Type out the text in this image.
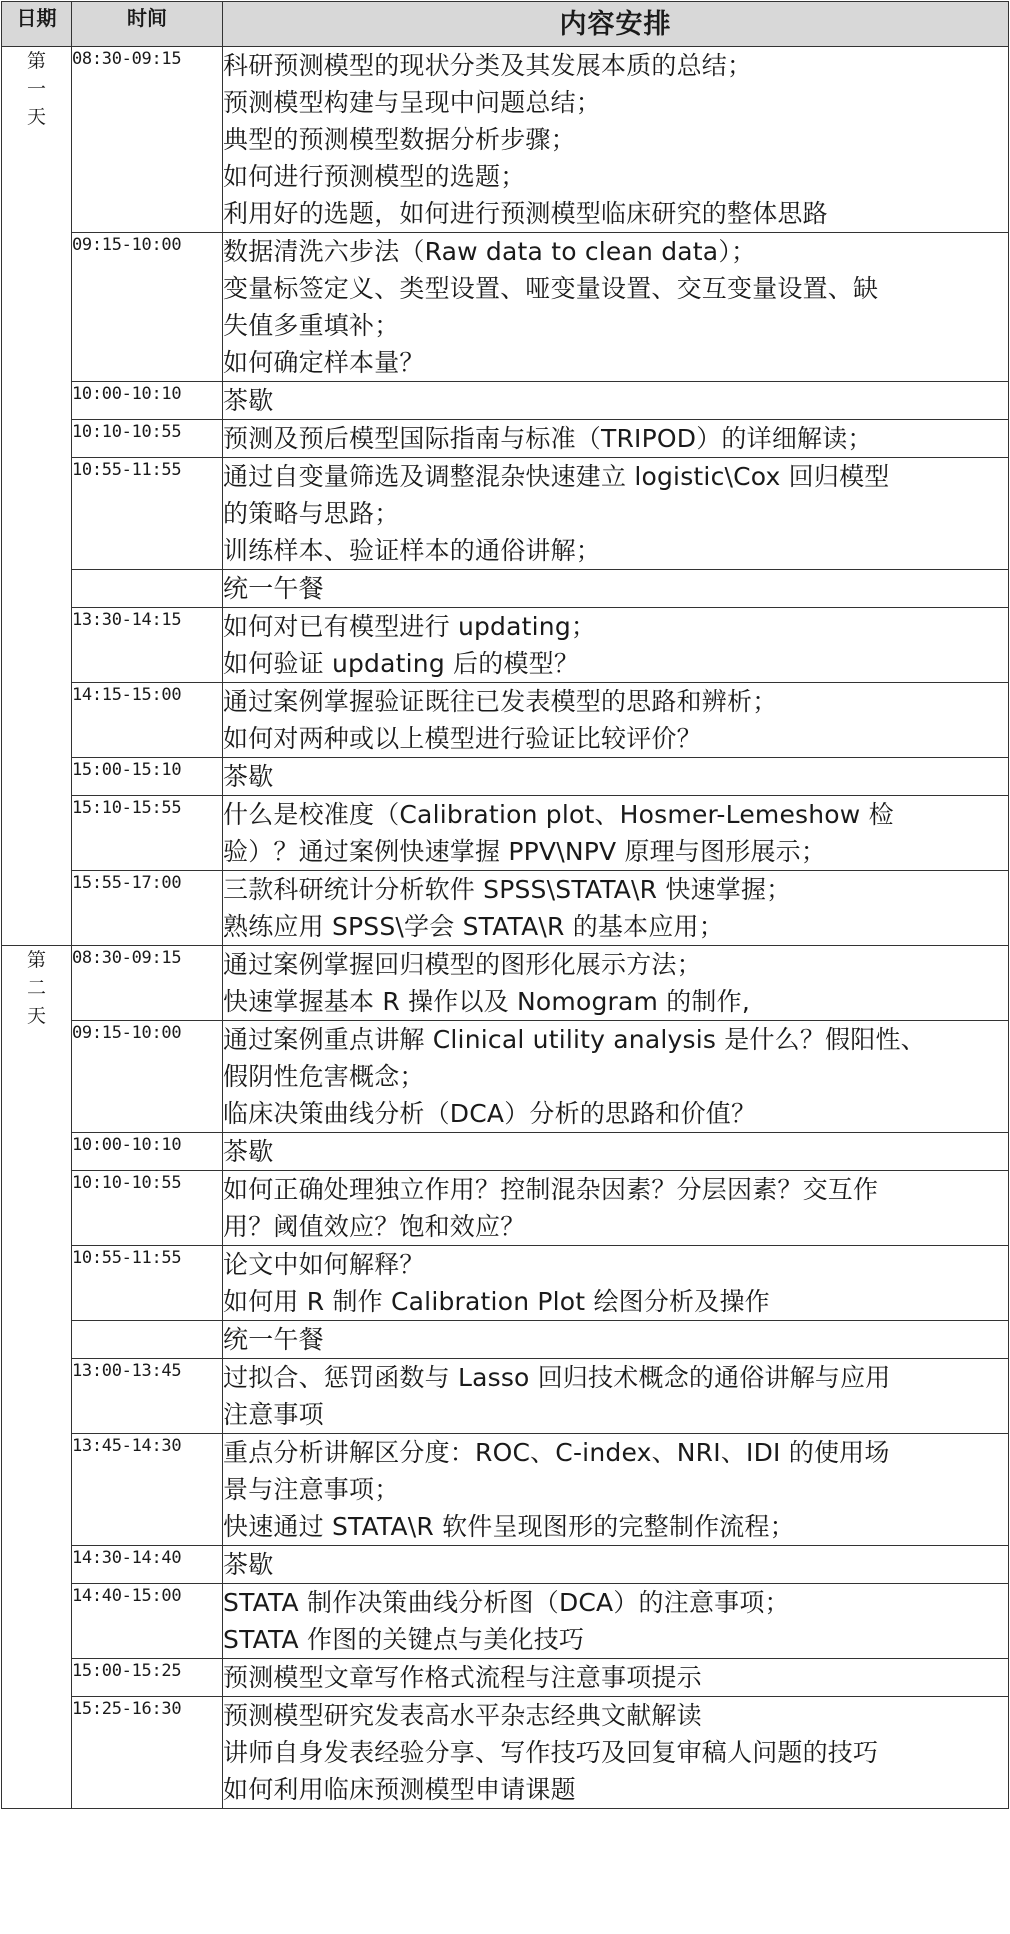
日期	时间	内容安排
第一天	08:30-09:15	科研预测模型的现状分类及其发展本质的总结；
预测模型构建与呈现中问题总结；
典型的预测模型数据分析步骤；
如何进行预测模型的选题；
利用好的选题，如何进行预测模型临床研究的整体思路

	09:15-10:00	数据清洗六步法（Raw data to clean data）；
变量标签定义、类型设置、哑变量设置、交互变量设置、缺
失值多重填补；
如何确定样本量？

	10:00-10:10	茶歇

	10:10-10:55	预测及预后模型国际指南与标准（TRIPOD）的详细解读；

	10:55-11:55	通过自变量筛选及调整混杂快速建立 logistic\Cox 回归模型
的策略与思路；
训练样本、验证样本的通俗讲解；

		统一午餐

	13:30-14:15	如何对已有模型进行 updating；
如何验证 updating 后的模型？

	14:15-15:00	通过案例掌握验证既往已发表模型的思路和辨析；
如何对两种或以上模型进行验证比较评价？

	15:00-15:10	茶歇

	15:10-15:55	什么是校准度（Calibration plot、Hosmer-Lemeshow 检
验）？通过案例快速掌握 PPV\NPV 原理与图形展示；

	15:55-17:00	三款科研统计分析软件 SPSS\STATA\R 快速掌握；
熟练应用 SPSS\学会 STATA\R 的基本应用；

第二天	08:30-09:15	通过案例掌握回归模型的图形化展示方法；
快速掌握基本 R 操作以及 Nomogram 的制作,

	09:15-10:00	通过案例重点讲解 Clinical utility analysis 是什么？假阳性、
假阴性危害概念；
临床决策曲线分析（DCA）分析的思路和价值？

	10:00-10:10	茶歇

	10:10-10:55	如何正确处理独立作用？控制混杂因素？分层因素？交互作
用？阈值效应？饱和效应？

	10:55-11:55	论文中如何解释？
如何用 R 制作 Calibration Plot 绘图分析及操作

		统一午餐

	13:00-13:45	过拟合、惩罚函数与 Lasso 回归技术概念的通俗讲解与应用
注意事项

	13:45-14:30	重点分析讲解区分度：ROC、C-index、NRI、IDI 的使用场
景与注意事项；
快速通过 STATA\R 软件呈现图形的完整制作流程；

	14:30-14:40	茶歇

	14:40-15:00	STATA 制作决策曲线分析图（DCA）的注意事项；
STATA 作图的关键点与美化技巧

	15:00-15:25	预测模型文章写作格式流程与注意事项提示

	15:25-16:30	预测模型研究发表高水平杂志经典文献解读
讲师自身发表经验分享、写作技巧及回复审稿人问题的技巧
如何利用临床预测模型申请课题
